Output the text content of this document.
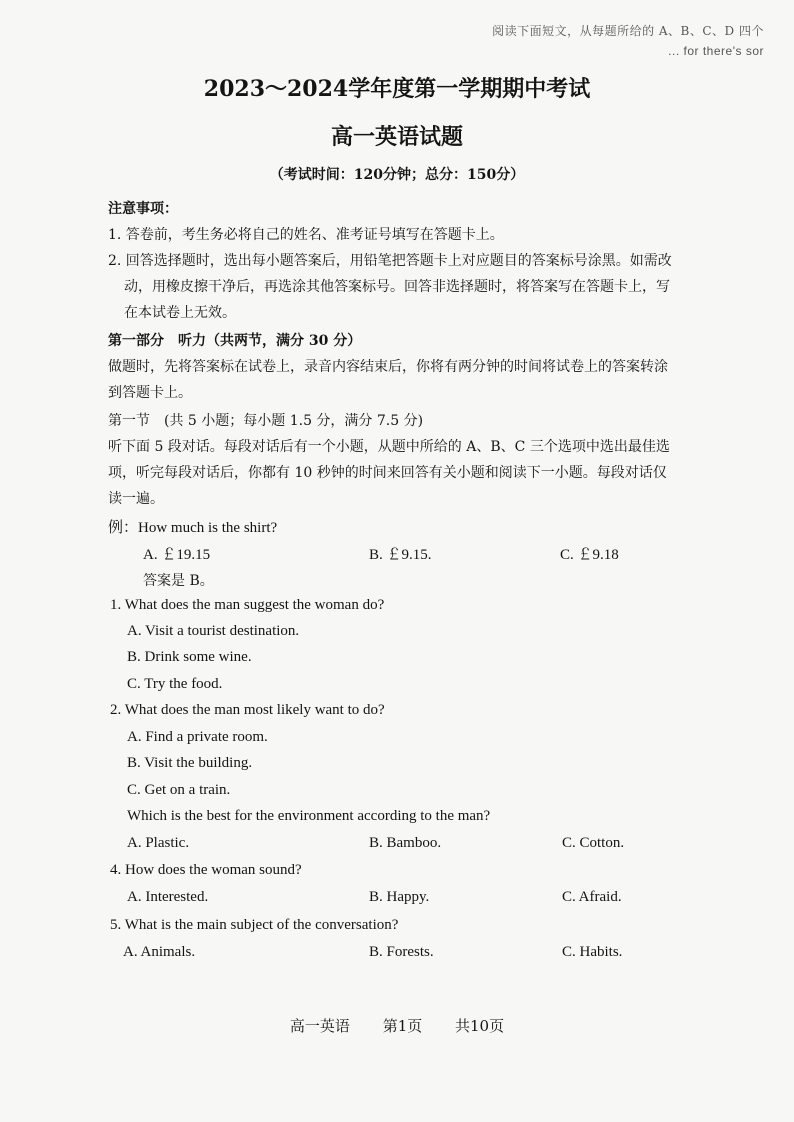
阅读下面短文，从每题所给的 A、B、C、D 四个
... for there's sor
2023～2024学年度第一学期期中考试
高一英语试题
（考试时间：120分钟；总分：150分）
注意事项：
1. 答卷前，考生务必将自己的姓名、准考证号填写在答题卡上。
2. 回答选择题时，选出每小题答案后，用铅笔把答题卡上对应题目的答案标号涂黑。如需改
动，用橡皮擦干净后，再选涂其他答案标号。回答非选择题时，将答案写在答题卡上，写
在本试卷上无效。
第一部分　听力（共两节，满分 30 分）
做题时，先将答案标在试卷上，录音内容结束后，你将有两分钟的时间将试卷上的答案转涂
到答题卡上。
第一节　(共 5 小题；每小题 1.5 分，满分 7.5 分)
听下面 5 段对话。每段对话后有一个小题，从题中所给的 A、B、C 三个选项中选出最佳选
项，听完每段对话后，你都有 10 秒钟的时间来回答有关小题和阅读下一小题。每段对话仅
读一遍。
例：How much is the shirt?
A. ￡19.15	B. ￡9.15.	C. ￡9.18
答案是 B。
1. What does the man suggest the woman do?
A. Visit a tourist destination.
B. Drink some wine.
C. Try the food.
2. What does the man most likely want to do?
A. Find a private room.
B. Visit the building.
C. Get on a train.
Which is the best for the environment according to the man?
A. Plastic.	B. Bamboo.	C. Cotton.
4. How does the woman sound?
A. Interested.	B. Happy.	C. Afraid.
5. What is the main subject of the conversation?
A. Animals.	B. Forests.	C. Habits.
高一英语 第1页 共10页
